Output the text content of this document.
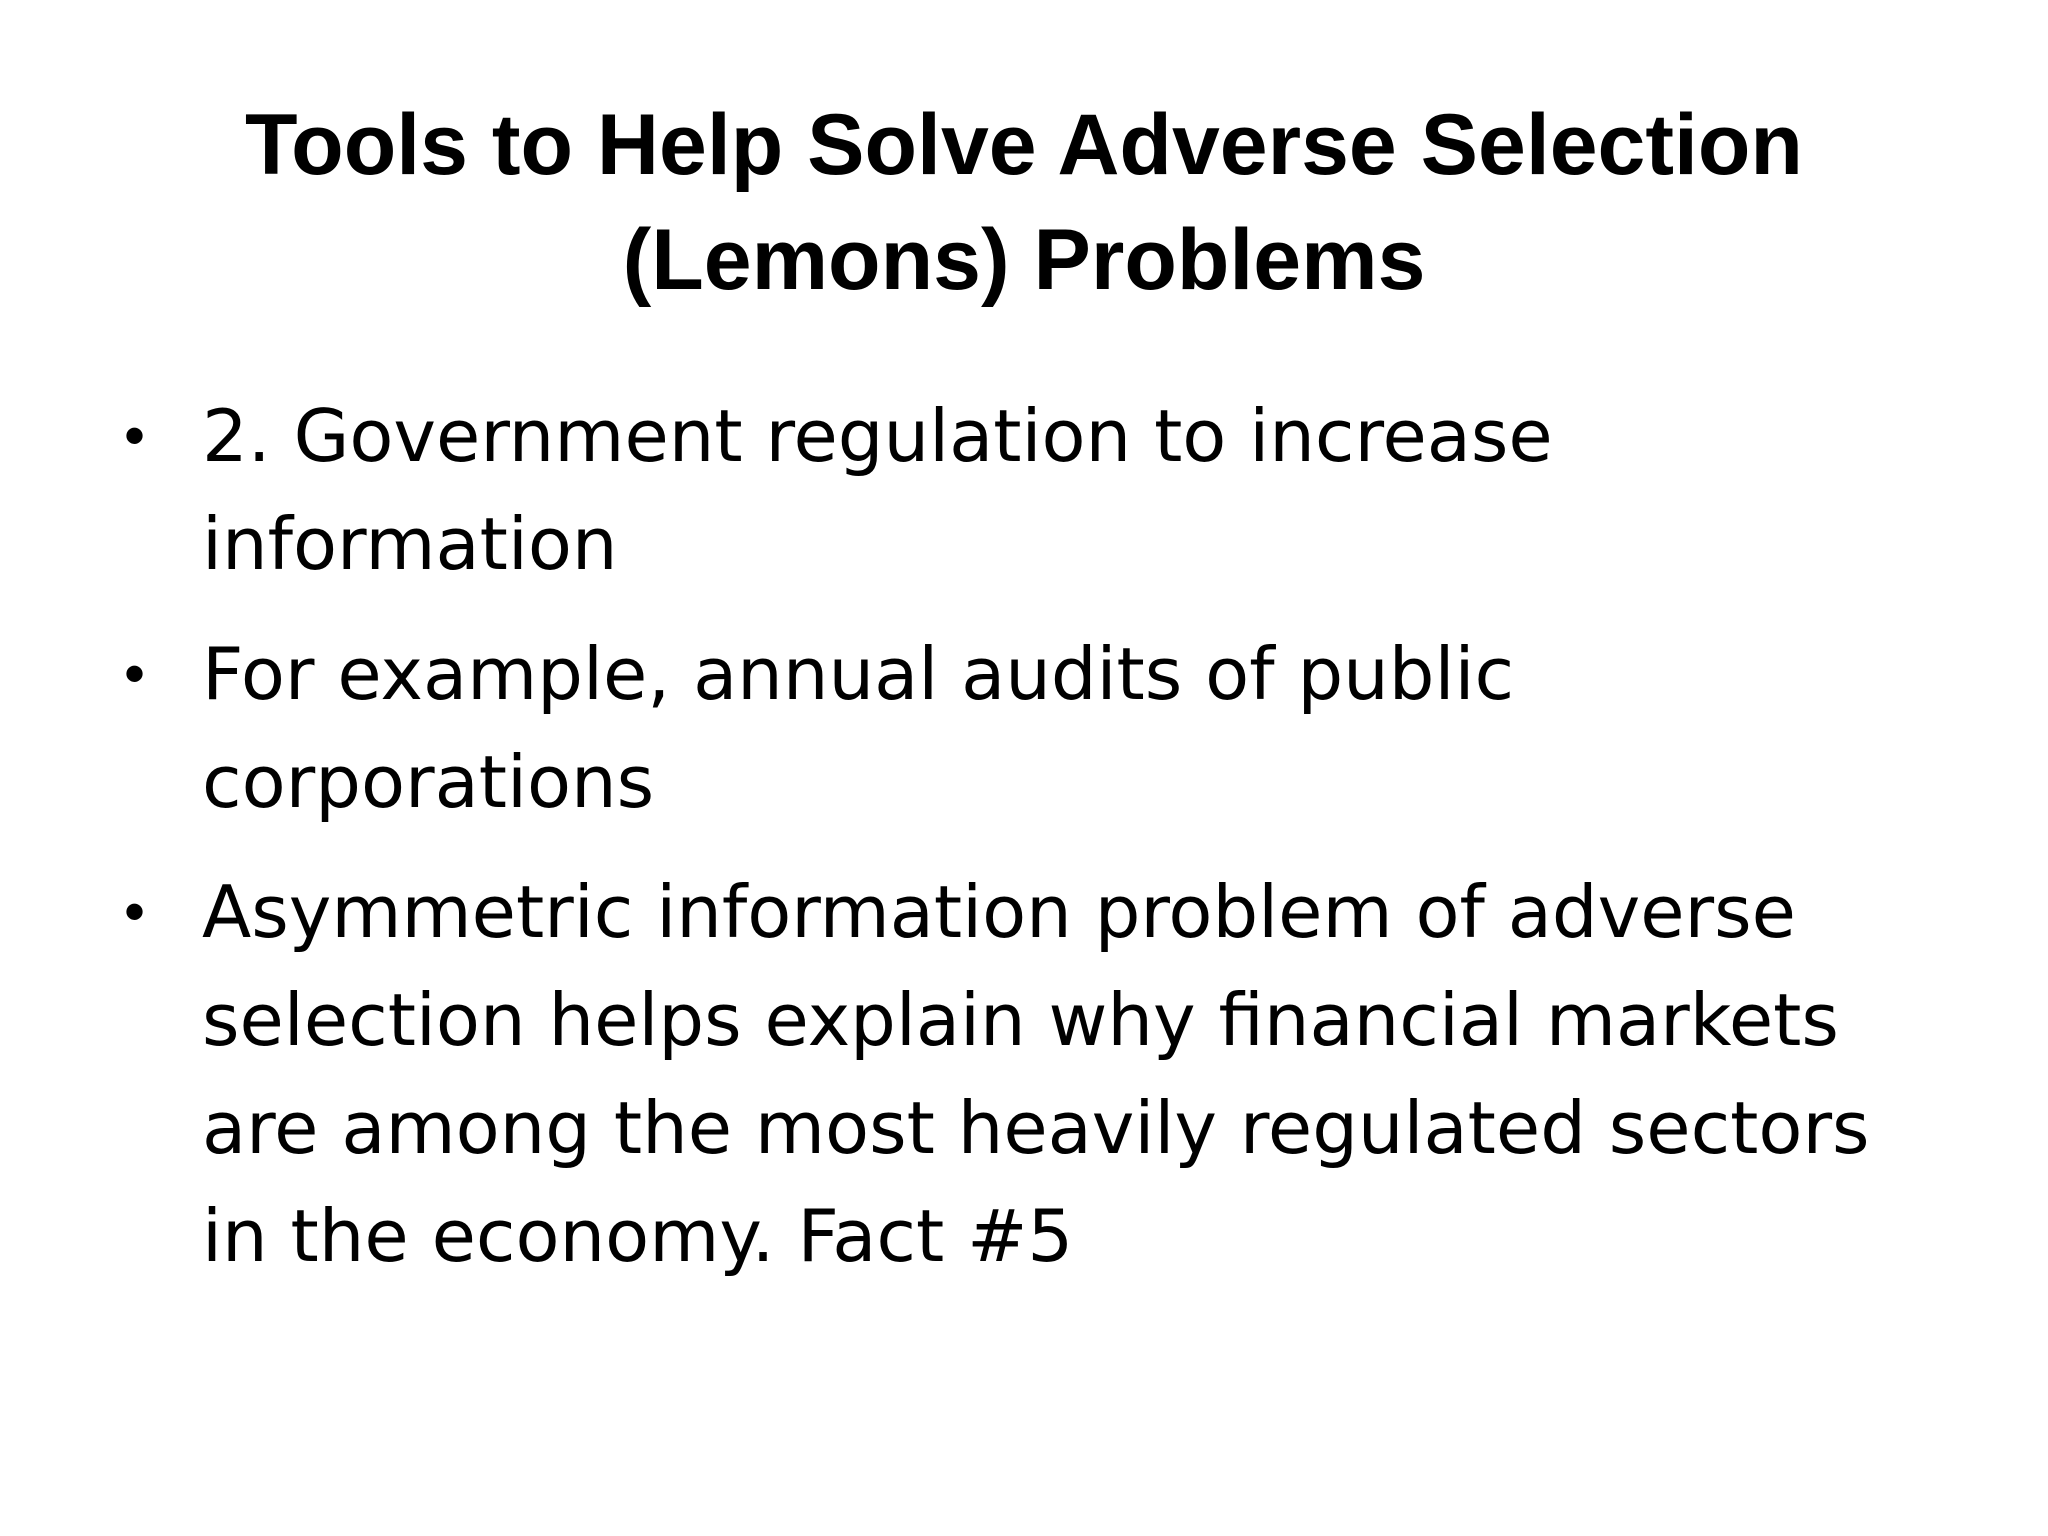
Tools to Help Solve Adverse Selection (Lemons) Problems
• 2. Government regulation to increase information
• For example, annual audits of public corporations
• Asymmetric information problem of adverse selection helps explain why financial markets are among the most heavily regulated sectors in the economy. Fact #5
